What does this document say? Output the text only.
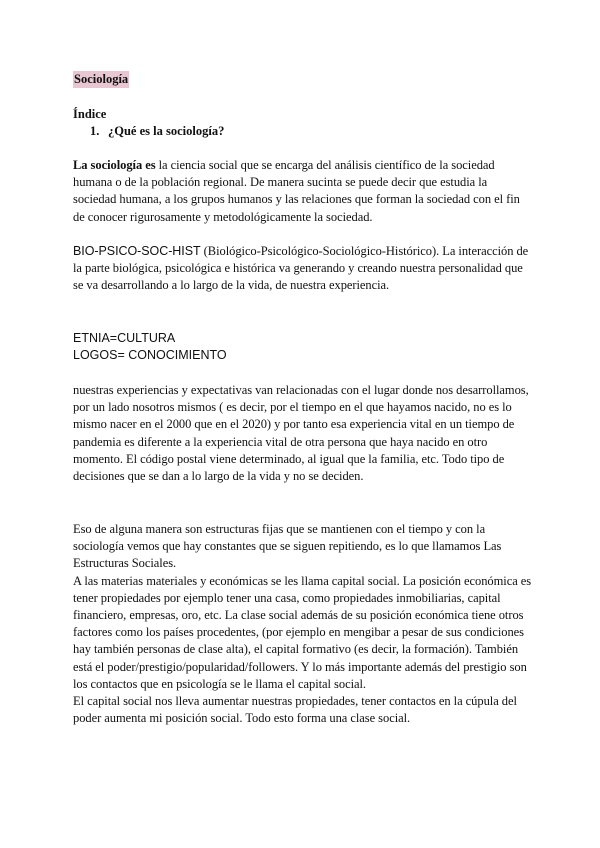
Sociología
Índice
1. ¿Qué es la sociología?

La sociología es la ciencia social que se encarga del análisis científico de la sociedad humana o de la población regional. De manera sucinta se puede decir que estudia la sociedad humana, a los grupos humanos y las relaciones que forman la sociedad con el fin de conocer rigurosamente y metodológicamente la sociedad.

BIO-PSICO-SOC-HIST (Biológico-Psicológico-Sociológico-Histórico). La interacción de la parte biológica, psicológica e histórica va generando y creando nuestra personalidad que se va desarrollando a lo largo de la vida, de nuestra experiencia.

ETNIA=CULTURA
LOGOS= CONOCIMIENTO

nuestras experiencias y expectativas van relacionadas con el lugar donde nos desarrollamos, por un lado nosotros mismos ( es decir, por el tiempo en el que hayamos nacido, no es lo mismo nacer en el 2000 que en el 2020) y por tanto esa experiencia vital en un tiempo de pandemia es diferente a la experiencia vital de otra persona que haya nacido en otro momento. El código postal viene determinado, al igual que la familia, etc. Todo tipo de decisiones que se dan a lo largo de la vida y no se deciden.

Eso de alguna manera son estructuras fijas que se mantienen con el tiempo y con la sociología vemos que hay constantes que se siguen repitiendo, es lo que llamamos Las Estructuras Sociales.

A las materias materiales y económicas se les llama capital social. La posición económica es tener propiedades por ejemplo tener una casa, como propiedades inmobiliarias, capital financiero, empresas, oro, etc. La clase social además de su posición económica tiene otros factores como los países procedentes, (por ejemplo en mengibar a pesar de sus condiciones hay también personas de clase alta), el capital formativo (es decir, la formación). También está el poder/prestigio/popularidad/followers. Y lo más importante además del prestigio son los contactos que en psicología se le llama el capital social.

El capital social nos lleva aumentar nuestras propiedades, tener contactos en la cúpula del poder aumenta mi posición social. Todo esto forma una clase social.
